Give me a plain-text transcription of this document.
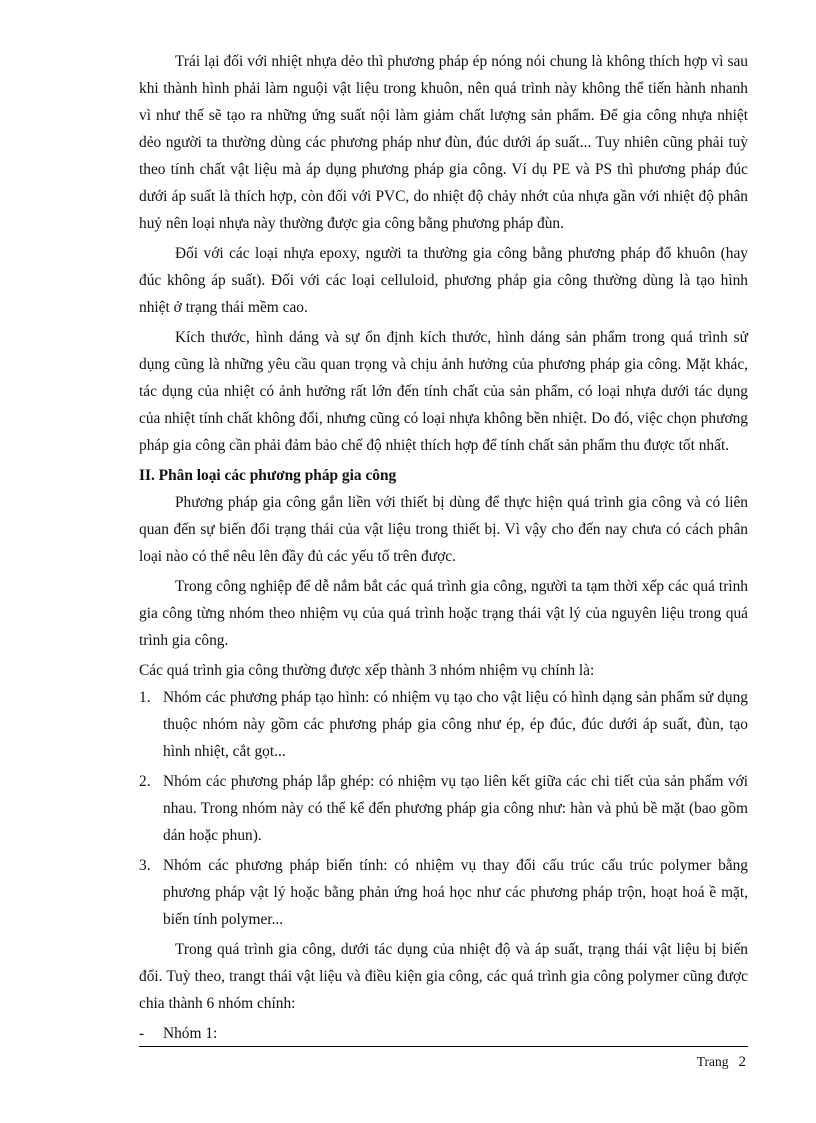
Trái lại đối với nhiệt nhựa dẻo thì phương pháp ép nóng nói chung là không thích hợp vì sau khi thành hình phải làm nguội vật liệu trong khuôn, nên quá trình này không thể tiến hành nhanh vì như thế sẽ tạo ra những ứng suất nội làm giảm chất lượng sản phẩm. Để gia công nhựa nhiệt dẻo người ta thường dùng các phương pháp như đùn, đúc dưới áp suất... Tuy nhiên cũng phải tuỳ theo tính chất vật liệu mà áp dụng phương pháp gia công. Ví dụ PE và PS thì phương pháp đúc dưới áp suất là thích hợp, còn đối với PVC, do nhiệt độ chảy nhớt của nhựa gần với nhiệt độ phân huỷ nên loại nhựa này thường được gia công bằng phương pháp đùn.

Đối với các loại nhựa epoxy, người ta thường gia công bằng phương pháp đổ khuôn (hay đúc không áp suất). Đối với các loại celluloid, phương pháp gia công thường dùng là tạo hình nhiệt ở trạng thái mềm cao.

Kích thước, hình dáng và sự ổn định kích thước, hình dáng sản phẩm trong quá trình sử dụng cũng là những yêu cầu quan trọng và chịu ảnh hưởng của phương pháp gia công. Mặt khác, tác dụng của nhiệt có ảnh hưởng rất lớn đến tính chất của sản phẩm, có loại nhựa dưới tác dụng của nhiệt tính chất không đổi, nhưng cũng có loại nhựa không bền nhiệt. Do đó, việc chọn phương pháp gia công cần phải đảm bảo chế độ nhiệt thích hợp để tính chất sản phẩm thu được tốt nhất.

II. Phân loại các phương pháp gia công

Phương pháp gia công gắn liền với thiết bị dùng để thực hiện quá trình gia công và có liên quan đến sự biến đổi trạng thái của vật liệu trong thiết bị. Vì vậy cho đến nay chưa có cách phân loại nào có thể nêu lên đầy đủ các yếu tố trên được.

Trong công nghiệp để dễ nắm bắt các quá trình gia công, người ta tạm thời xếp các quá trình gia công từng nhóm theo nhiệm vụ của quá trình hoặc trạng thái vật lý của nguyên liệu trong quá trình gia công.

Các quá trình gia công thường được xếp thành 3 nhóm nhiệm vụ chính là:

1. Nhóm các phương pháp tạo hình: có nhiệm vụ tạo cho vật liệu có hình dạng sản phẩm sử dụng thuộc nhóm này gồm các phương pháp gia công như ép, ép đúc, đúc dưới áp suất, đùn, tạo hình nhiệt, cắt gọt...
2. Nhóm các phương pháp lắp ghép: có nhiệm vụ tạo liên kết giữa các chi tiết của sản phẩm với nhau. Trong nhóm này có thể kể đến phương pháp gia công như: hàn và phủ bề mặt (bao gồm dán hoặc phun).
3. Nhóm các phương pháp biến tính: có nhiệm vụ thay đổi cấu trúc cấu trúc polymer bằng phương pháp vật lý hoặc bằng phản ứng hoá học như các phương pháp trộn, hoạt hoá ề mặt, biến tính polymer...

Trong quá trình gia công, dưới tác dụng của nhiệt độ và áp suất, trạng thái vật liệu bị biến đổi. Tuỳ theo, trangt thái vật liệu và điều kiện gia công, các quá trình gia công polymer cũng được chia thành 6 nhóm chính:

- Nhóm 1:
Trang 2
